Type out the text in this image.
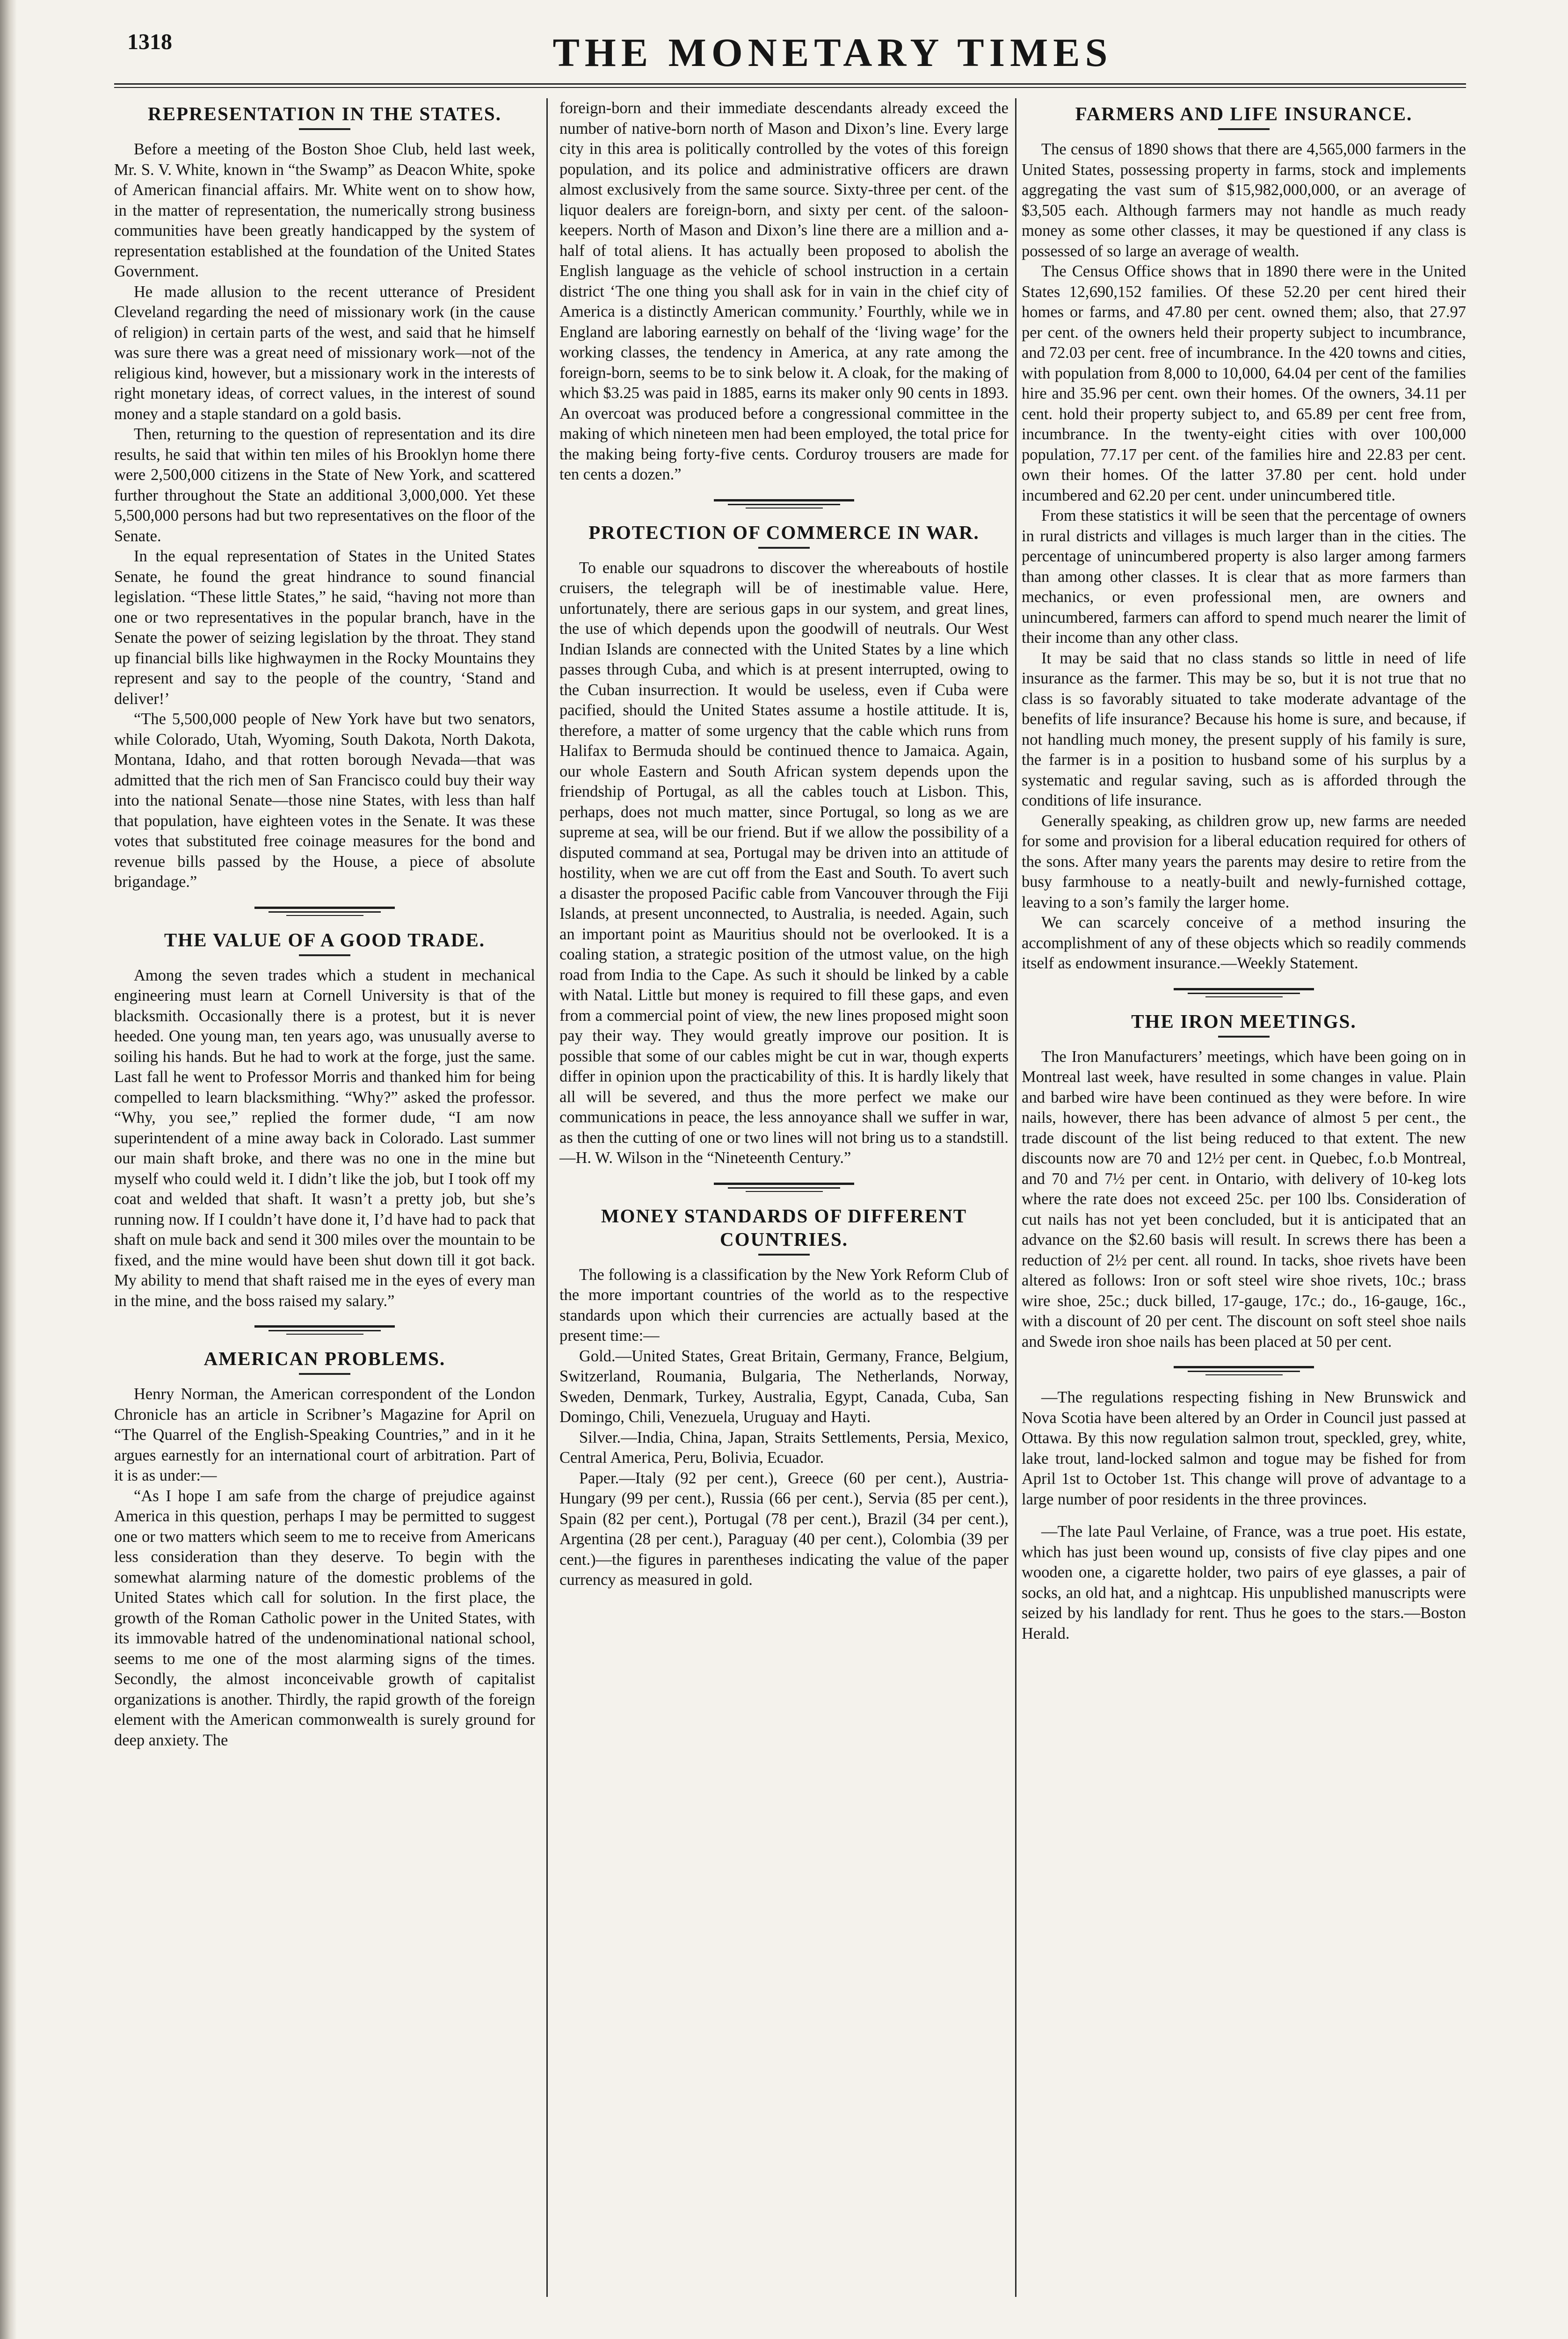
1318	THE MONETARY TIMES
REPRESENTATION IN THE STATES.

Before a meeting of the Boston Shoe Club, held last week, Mr. S. V. White, known in “the Swamp” as Deacon White, spoke of American financial affairs. Mr. White went on to show how, in the matter of representation, the numerically strong business communities have been greatly handicapped by the system of representation established at the foundation of the United States Government.

He made allusion to the recent utterance of President Cleveland regarding the need of missionary work (in the cause of religion) in certain parts of the west, and said that he himself was sure there was a great need of missionary work—not of the religious kind, however, but a missionary work in the interests of right monetary ideas, of correct values, in the interest of sound money and a staple standard on a gold basis.

Then, returning to the question of representation and its dire results, he said that within ten miles of his Brooklyn home there were 2,500,000 citizens in the State of New York, and scattered further throughout the State an additional 3,000,000. Yet these 5,500,000 persons had but two representatives on the floor of the Senate.

In the equal representation of States in the United States Senate, he found the great hindrance to sound financial legislation. “These little States,” he said, “having not more than one or two representatives in the popular branch, have in the Senate the power of seizing legislation by the throat. They stand up financial bills like highwaymen in the Rocky Mountains they represent and say to the people of the country, ‘Stand and deliver!’

“The 5,500,000 people of New York have but two senators, while Colorado, Utah, Wyoming, South Dakota, North Dakota, Montana, Idaho, and that rotten borough Nevada—that was admitted that the rich men of San Francisco could buy their way into the national Senate—those nine States, with less than half that population, have eighteen votes in the Senate. It was these votes that substituted free coinage measures for the bond and revenue bills passed by the House, a piece of absolute brigandage.”

THE VALUE OF A GOOD TRADE.

Among the seven trades which a student in mechanical engineering must learn at Cornell University is that of the blacksmith. Occasionally there is a protest, but it is never heeded. One young man, ten years ago, was unusually averse to soiling his hands. But he had to work at the forge, just the same. Last fall he went to Professor Morris and thanked him for being compelled to learn blacksmithing. “Why?” asked the professor. “Why, you see,” replied the former dude, “I am now superintendent of a mine away back in Colorado. Last summer our main shaft broke, and there was no one in the mine but myself who could weld it. I didn’t like the job, but I took off my coat and welded that shaft. It wasn’t a pretty job, but she’s running now. If I couldn’t have done it, I’d have had to pack that shaft on mule back and send it 300 miles over the mountain to be fixed, and the mine would have been shut down till it got back. My ability to mend that shaft raised me in the eyes of every man in the mine, and the boss raised my salary.”

AMERICAN PROBLEMS.

Henry Norman, the American correspondent of the London Chronicle has an article in Scribner’s Magazine for April on “The Quarrel of the English-Speaking Countries,” and in it he argues earnestly for an international court of arbitration. Part of it is as under:—

“As I hope I am safe from the charge of prejudice against America in this question, perhaps I may be permitted to suggest one or two matters which seem to me to receive from Americans less consideration than they deserve. To begin with the somewhat alarming nature of the domestic problems of the United States which call for solution. In the first place, the growth of the Roman Catholic power in the United States, with its immovable hatred of the undenominational national school, seems to me one of the most alarming signs of the times. Secondly, the almost inconceivable growth of capitalist organizations is another. Thirdly, the rapid growth of the foreign element with the American commonwealth is surely ground for deep anxiety. The

foreign-born and their immediate descendants already exceed the number of native-born north of Mason and Dixon’s line. Every large city in this area is politically controlled by the votes of this foreign population, and its police and administrative officers are drawn almost exclusively from the same source. Sixty-three per cent. of the liquor dealers are foreign-born, and sixty per cent. of the saloon-keepers. North of Mason and Dixon’s line there are a million and a-half of total aliens. It has actually been proposed to abolish the English language as the vehicle of school instruction in a certain district ‘The one thing you shall ask for in vain in the chief city of America is a distinctly American community.’ Fourthly, while we in England are laboring earnestly on behalf of the ‘living wage’ for the working classes, the tendency in America, at any rate among the foreign-born, seems to be to sink below it. A cloak, for the making of which $3.25 was paid in 1885, earns its maker only 90 cents in 1893. An overcoat was produced before a congressional committee in the making of which nineteen men had been employed, the total price for the making being forty-five cents. Corduroy trousers are made for ten cents a dozen.”

PROTECTION OF COMMERCE IN WAR.

To enable our squadrons to discover the whereabouts of hostile cruisers, the telegraph will be of inestimable value. Here, unfortunately, there are serious gaps in our system, and great lines, the use of which depends upon the goodwill of neutrals. Our West Indian Islands are connected with the United States by a line which passes through Cuba, and which is at present interrupted, owing to the Cuban insurrection. It would be useless, even if Cuba were pacified, should the United States assume a hostile attitude. It is, therefore, a matter of some urgency that the cable which runs from Halifax to Bermuda should be continued thence to Jamaica. Again, our whole Eastern and South African system depends upon the friendship of Portugal, as all the cables touch at Lisbon. This, perhaps, does not much matter, since Portugal, so long as we are supreme at sea, will be our friend. But if we allow the possibility of a disputed command at sea, Portugal may be driven into an attitude of hostility, when we are cut off from the East and South. To avert such a disaster the proposed Pacific cable from Vancouver through the Fiji Islands, at present unconnected, to Australia, is needed. Again, such an important point as Mauritius should not be overlooked. It is a coaling station, a strategic position of the utmost value, on the high road from India to the Cape. As such it should be linked by a cable with Natal. Little but money is required to fill these gaps, and even from a commercial point of view, the new lines proposed might soon pay their way. They would greatly improve our position. It is possible that some of our cables might be cut in war, though experts differ in opinion upon the practicability of this. It is hardly likely that all will be severed, and thus the more perfect we make our communications in peace, the less annoyance shall we suffer in war, as then the cutting of one or two lines will not bring us to a standstill.—H. W. Wilson in the “Nineteenth Century.”

MONEY STANDARDS OF DIFFERENT COUNTRIES.

The following is a classification by the New York Reform Club of the more important countries of the world as to the respective standards upon which their currencies are actually based at the present time:—

Gold.—United States, Great Britain, Germany, France, Belgium, Switzerland, Roumania, Bulgaria, The Netherlands, Norway, Sweden, Denmark, Turkey, Australia, Egypt, Canada, Cuba, San Domingo, Chili, Venezuela, Uruguay and Hayti.

Silver.—India, China, Japan, Straits Settlements, Persia, Mexico, Central America, Peru, Bolivia, Ecuador.

Paper.—Italy (92 per cent.), Greece (60 per cent.), Austria-Hungary (99 per cent.), Russia (66 per cent.), Servia (85 per cent.), Spain (82 per cent.), Portugal (78 per cent.), Brazil (34 per cent.), Argentina (28 per cent.), Paraguay (40 per cent.), Colombia (39 per cent.)—the figures in parentheses indicating the value of the paper currency as measured in gold.

FARMERS AND LIFE INSURANCE.

The census of 1890 shows that there are 4,565,000 farmers in the United States, possessing property in farms, stock and implements aggregating the vast sum of $15,982,000,000, or an average of $3,505 each. Although farmers may not handle as much ready money as some other classes, it may be questioned if any class is possessed of so large an average of wealth.

The Census Office shows that in 1890 there were in the United States 12,690,152 families. Of these 52.20 per cent hired their homes or farms, and 47.80 per cent. owned them; also, that 27.97 per cent. of the owners held their property subject to incumbrance, and 72.03 per cent. free of incumbrance. In the 420 towns and cities, with population from 8,000 to 10,000, 64.04 per cent of the families hire and 35.96 per cent. own their homes. Of the owners, 34.11 per cent. hold their property subject to, and 65.89 per cent free from, incumbrance. In the twenty-eight cities with over 100,000 population, 77.17 per cent. of the families hire and 22.83 per cent. own their homes. Of the latter 37.80 per cent. hold under incumbered and 62.20 per cent. under unincumbered title.

From these statistics it will be seen that the percentage of owners in rural districts and villages is much larger than in the cities. The percentage of unincumbered property is also larger among farmers than among other classes. It is clear that as more farmers than mechanics, or even professional men, are owners and unincumbered, farmers can afford to spend much nearer the limit of their income than any other class.

It may be said that no class stands so little in need of life insurance as the farmer. This may be so, but it is not true that no class is so favorably situated to take moderate advantage of the benefits of life insurance? Because his home is sure, and because, if not handling much money, the present supply of his family is sure, the farmer is in a position to husband some of his surplus by a systematic and regular saving, such as is afforded through the conditions of life insurance.

Generally speaking, as children grow up, new farms are needed for some and provision for a liberal education required for others of the sons. After many years the parents may desire to retire from the busy farmhouse to a neatly-built and newly-furnished cottage, leaving to a son’s family the larger home.

We can scarcely conceive of a method insuring the accomplishment of any of these objects which so readily commends itself as endowment insurance.—Weekly Statement.

THE IRON MEETINGS.

The Iron Manufacturers’ meetings, which have been going on in Montreal last week, have resulted in some changes in value. Plain and barbed wire have been continued as they were before. In wire nails, however, there has been advance of almost 5 per cent., the trade discount of the list being reduced to that extent. The new discounts now are 70 and 12½ per cent. in Quebec, f.o.b Montreal, and 70 and 7½ per cent. in Ontario, with delivery of 10-keg lots where the rate does not exceed 25c. per 100 lbs. Consideration of cut nails has not yet been concluded, but it is anticipated that an advance on the $2.60 basis will result. In screws there has been a reduction of 2½ per cent. all round. In tacks, shoe rivets have been altered as follows: Iron or soft steel wire shoe rivets, 10c.; brass wire shoe, 25c.; duck billed, 17-gauge, 17c.; do., 16-gauge, 16c., with a discount of 20 per cent. The discount on soft steel shoe nails and Swede iron shoe nails has been placed at 50 per cent.

—The regulations respecting fishing in New Brunswick and Nova Scotia have been altered by an Order in Council just passed at Ottawa. By this now regulation salmon trout, speckled, grey, white, lake trout, land-locked salmon and togue may be fished for from April 1st to October 1st. This change will prove of advantage to a large number of poor residents in the three provinces.

—The late Paul Verlaine, of France, was a true poet. His estate, which has just been wound up, consists of five clay pipes and one wooden one, a cigarette holder, two pairs of eye glasses, a pair of socks, an old hat, and a nightcap. His unpublished manuscripts were seized by his landlady for rent. Thus he goes to the stars.—Boston Herald.
